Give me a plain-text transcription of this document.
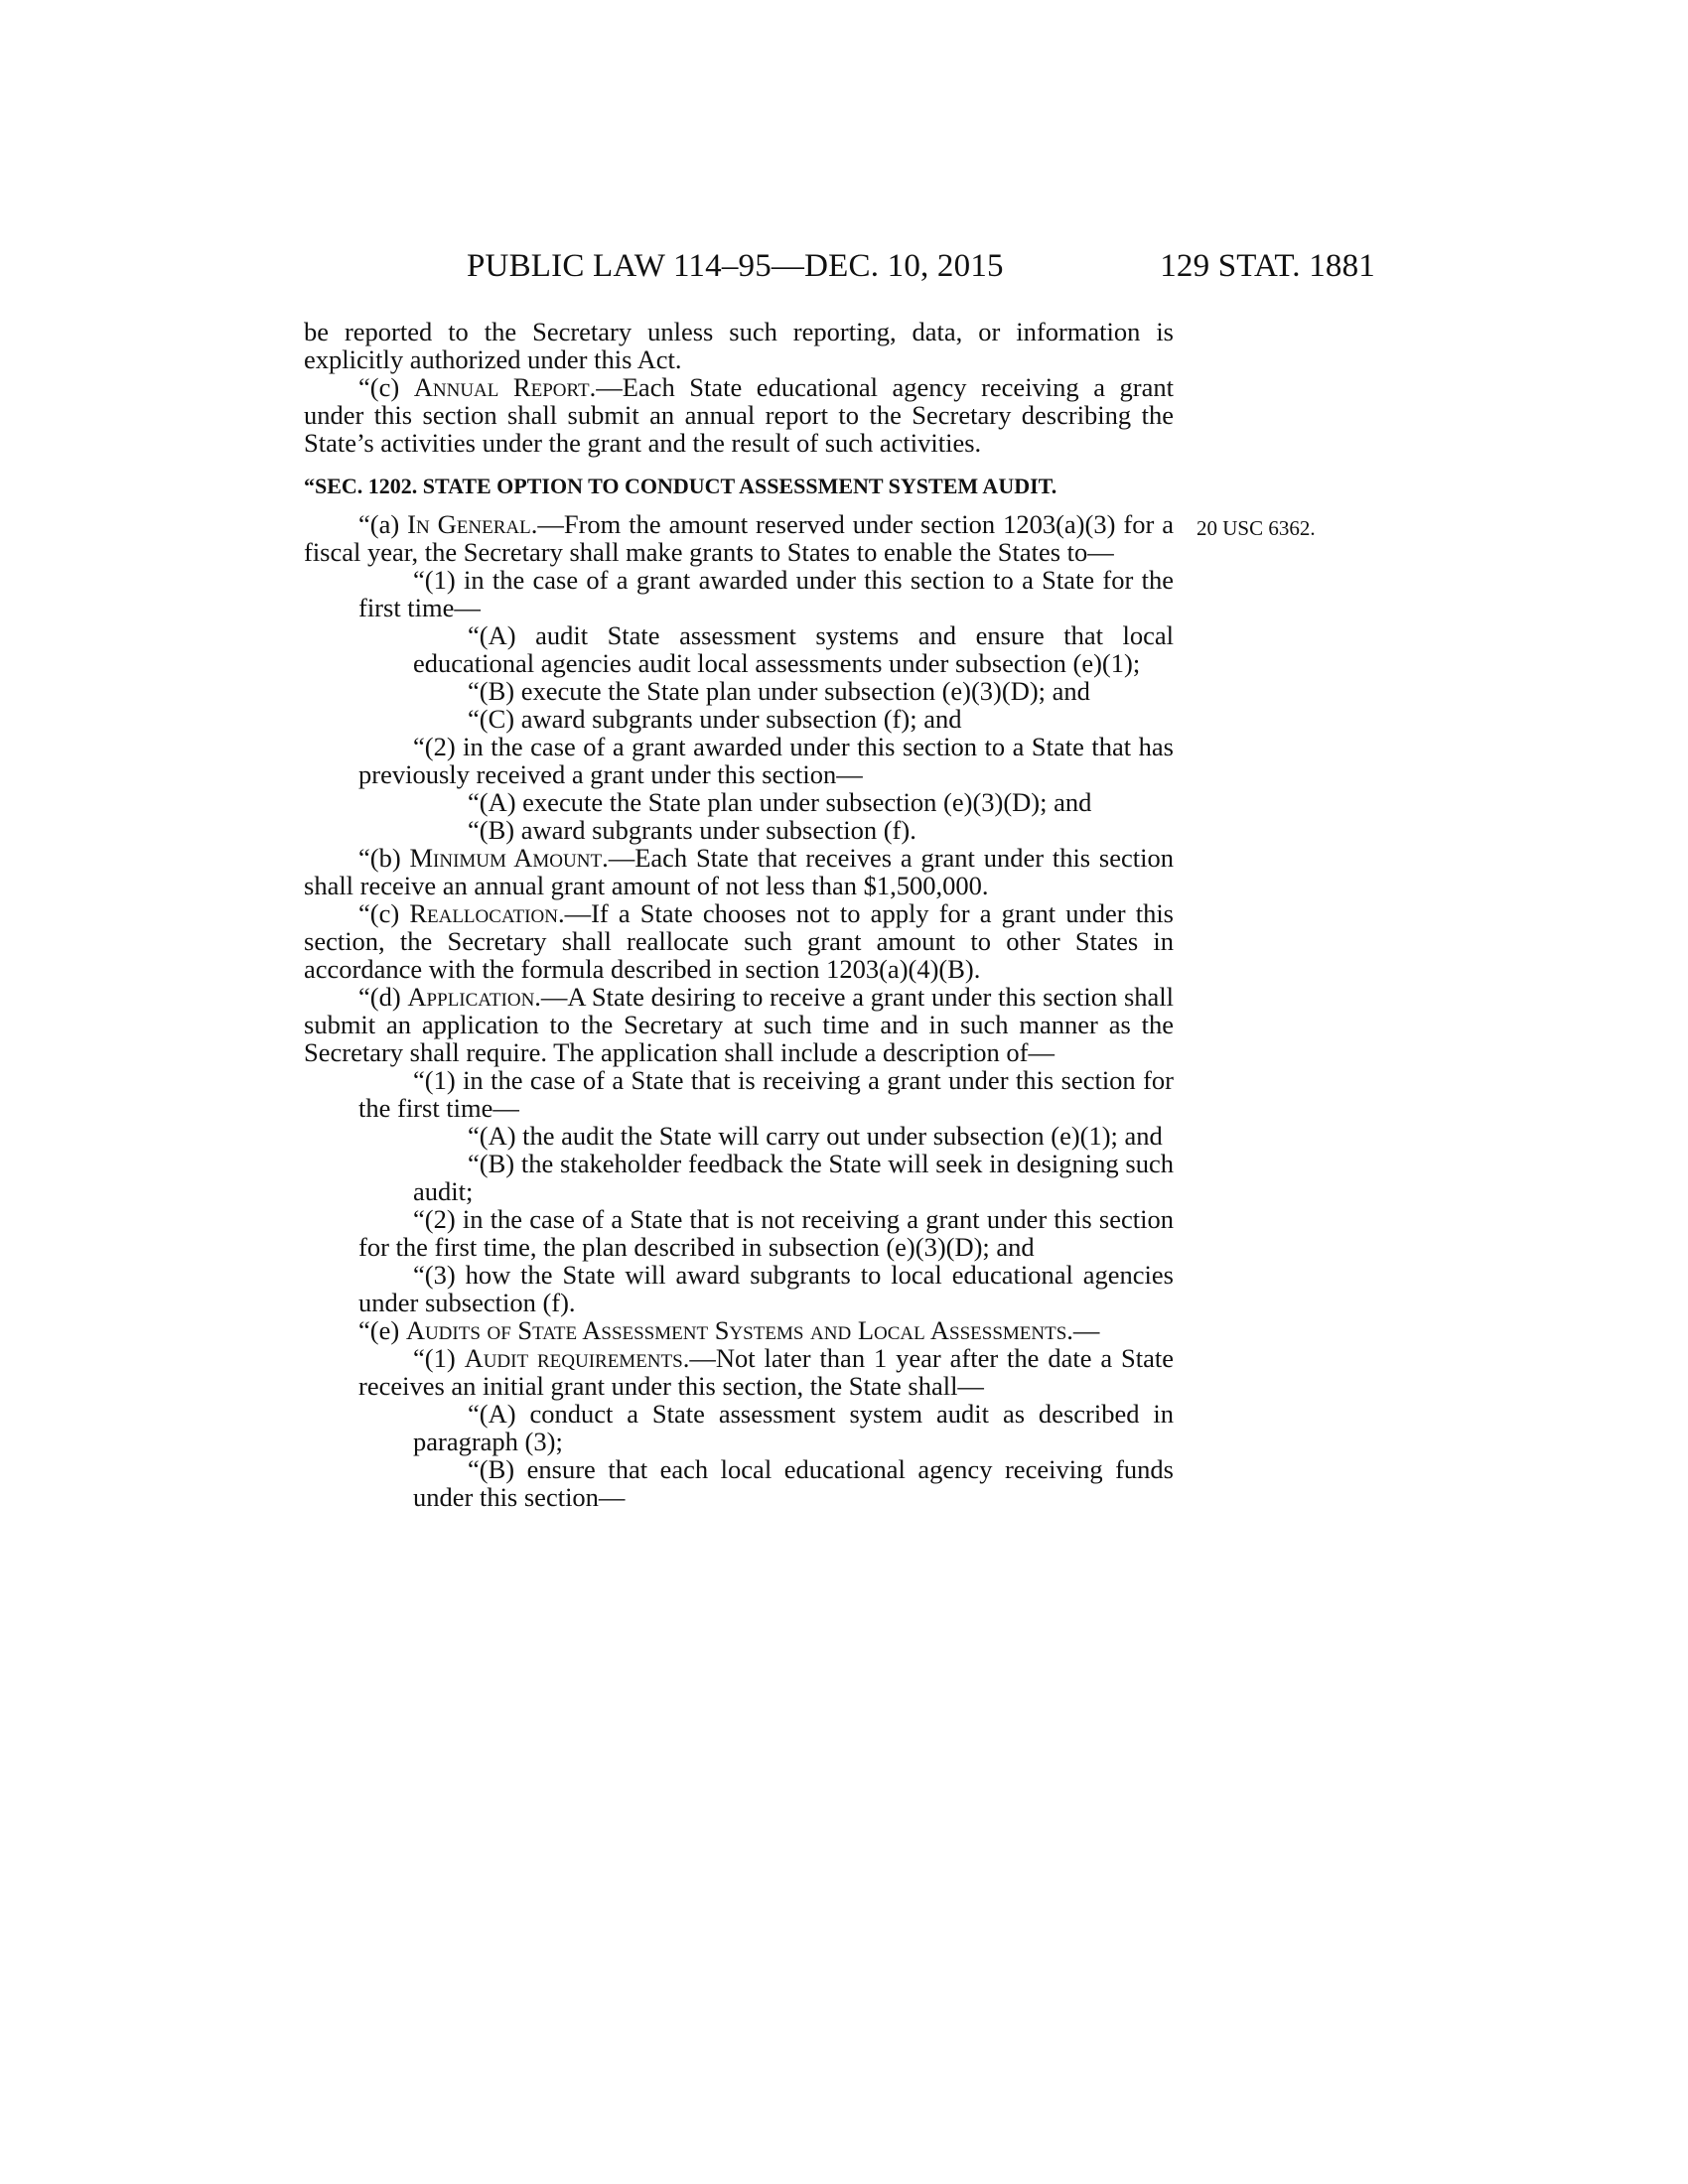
PUBLIC LAW 114–95—DEC. 10, 2015	129 STAT. 1881
20 USC 6362.

be reported to the Secretary unless such reporting, data, or information is explicitly authorized under this Act.

“(c) Annual Report.—Each State educational agency receiving a grant under this section shall submit an annual report to the Secretary describing the State’s activities under the grant and the result of such activities.

“SEC. 1202. STATE OPTION TO CONDUCT ASSESSMENT SYSTEM AUDIT.

“(a) In General.—From the amount reserved under section 1203(a)(3) for a fiscal year, the Secretary shall make grants to States to enable the States to—

“(1) in the case of a grant awarded under this section to a State for the first time—

“(A) audit State assessment systems and ensure that local educational agencies audit local assessments under subsection (e)(1);

“(B) execute the State plan under subsection (e)(3)(D); and

“(C) award subgrants under subsection (f); and

“(2) in the case of a grant awarded under this section to a State that has previously received a grant under this section—

“(A) execute the State plan under subsection (e)(3)(D); and

“(B) award subgrants under subsection (f).

“(b) Minimum Amount.—Each State that receives a grant under this section shall receive an annual grant amount of not less than $1,500,000.

“(c) Reallocation.—If a State chooses not to apply for a grant under this section, the Secretary shall reallocate such grant amount to other States in accordance with the formula described in section 1203(a)(4)(B).

“(d) Application.—A State desiring to receive a grant under this section shall submit an application to the Secretary at such time and in such manner as the Secretary shall require. The application shall include a description of—

“(1) in the case of a State that is receiving a grant under this section for the first time—

“(A) the audit the State will carry out under subsection (e)(1); and

“(B) the stakeholder feedback the State will seek in designing such audit;

“(2) in the case of a State that is not receiving a grant under this section for the first time, the plan described in subsection (e)(3)(D); and

“(3) how the State will award subgrants to local educational agencies under subsection (f).

“(e) Audits of State Assessment Systems and Local Assessments.—

“(1) Audit requirements.—Not later than 1 year after the date a State receives an initial grant under this section, the State shall—

“(A) conduct a State assessment system audit as described in paragraph (3);

“(B) ensure that each local educational agency receiving funds under this section—
